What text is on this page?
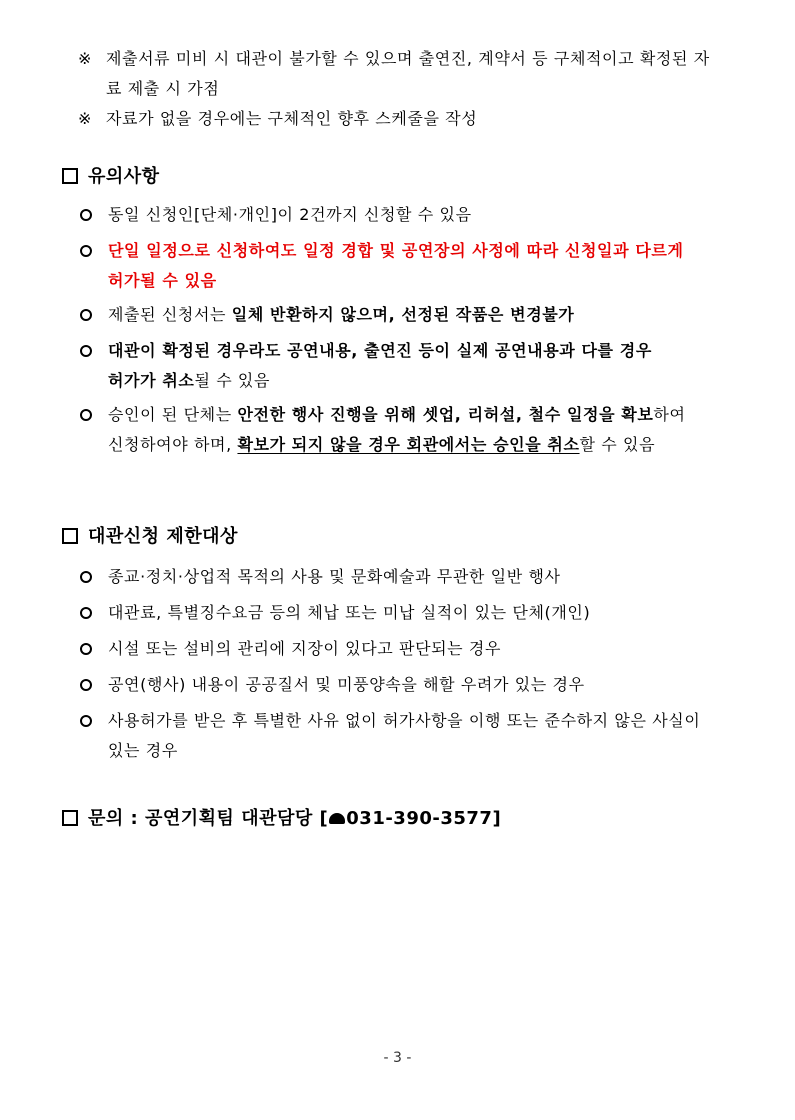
※ 제출서류 미비 시 대관이 불가할 수 있으며 출연진, 계약서 등 구체적이고 확정된 자료 제출 시 가점
※ 자료가 없을 경우에는 구체적인 향후 스케줄을 작성
유의사항
동일 신청인[단체·개인]이 2건까지 신청할 수 있음
단일 일정으로 신청하여도 일정 경합 및 공연장의 사정에 따라 신청일과 다르게 허가될 수 있음
제출된 신청서는 일체 반환하지 않으며, 선정된 작품은 변경불가
대관이 확정된 경우라도 공연내용, 출연진 등이 실제 공연내용과 다를 경우 허가가 취소될 수 있음
승인이 된 단체는 안전한 행사 진행을 위해 셋업, 리허설, 철수 일정을 확보하여 신청하여야 하며, 확보가 되지 않을 경우 회관에서는 승인을 취소할 수 있음
대관신청 제한대상
종교·정치·상업적 목적의 사용 및 문화예술과 무관한 일반 행사
대관료, 특별징수요금 등의 체납 또는 미납 실적이 있는 단체(개인)
시설 또는 설비의 관리에 지장이 있다고 판단되는 경우
공연(행사) 내용이 공공질서 및 미풍양속을 해할 우려가 있는 경우
사용허가를 받은 후 특별한 사유 없이 허가사항을 이행 또는 준수하지 않은 사실이 있는 경우
문의 : 공연기획팀 대관담당 [ 031-390-3577]
- 3 -
